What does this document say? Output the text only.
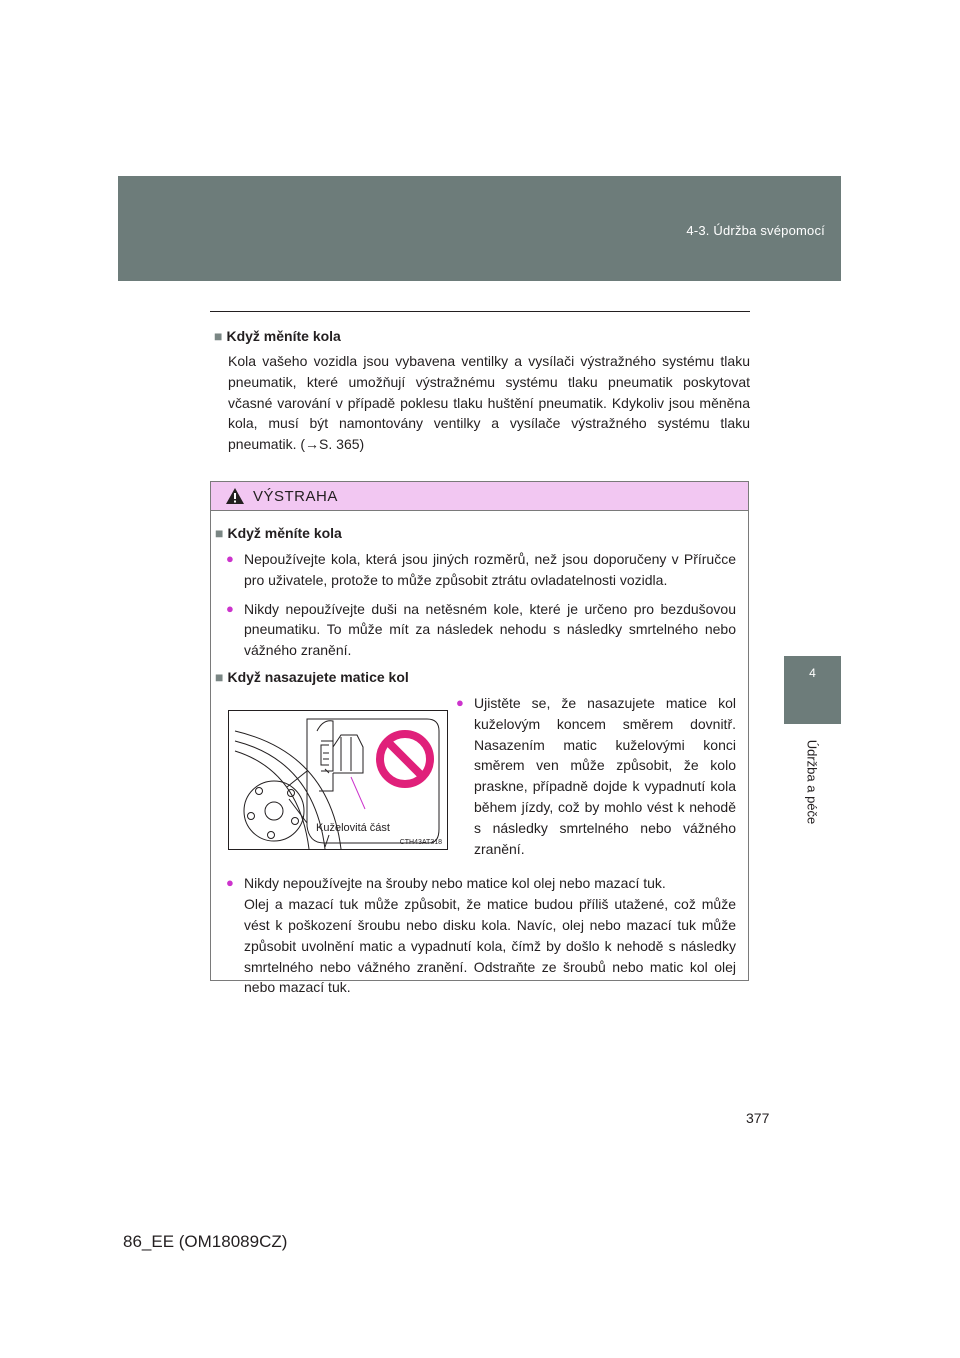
4-3. Údržba svépomocí
4
Údržba a péče
■ Když měníte kola

Kola vašeho vozidla jsou vybavena ventilky a vysílači výstražného systému tlaku pneumatik, které umožňují výstražnému systému tlaku pneumatik poskytovat včasné varování v případě poklesu tlaku huštění pneumatik. Kdykoliv jsou měněna kola, musí být namontovány ventilky a vysílače výstražného systému tlaku pneumatik. (→S. 365)

VÝSTRAHA
■ Když měníte kola
● Nepoužívejte kola, která jsou jiných rozměrů, než jsou doporučeny v Příručce pro uživatele, protože to může způsobit ztrátu ovladatelnosti vozidla.
● Nikdy nepoužívejte duši na netěsném kole, které je určeno pro bezdušovou pneumatiku. To může mít za následek nehodu s následky smrtelného nebo vážného zranění.
■ Když nasazujete matice kol
Kuželovitá část
CTH43AT318
● Ujistěte se, že nasazujete matice kol kuželovým koncem směrem dovnitř. Nasazením matic kuželovými konci směrem ven může způsobit, že kolo praskne, případně dojde k vypadnutí kola během jízdy, což by mohlo vést k nehodě s následky smrtelného nebo vážného zranění.
● Nikdy nepoužívejte na šrouby nebo matice kol olej nebo mazací tuk.
Olej a mazací tuk může způsobit, že matice budou příliš utažené, což může vést k poškození šroubu nebo disku kola. Navíc, olej nebo mazací tuk může způsobit uvolnění matic a vypadnutí kola, čímž by došlo k nehodě s následky smrtelného nebo vážného zranění. Odstraňte ze šroubů nebo matic kol olej nebo mazací tuk.
377
86_EE (OM18089CZ)
